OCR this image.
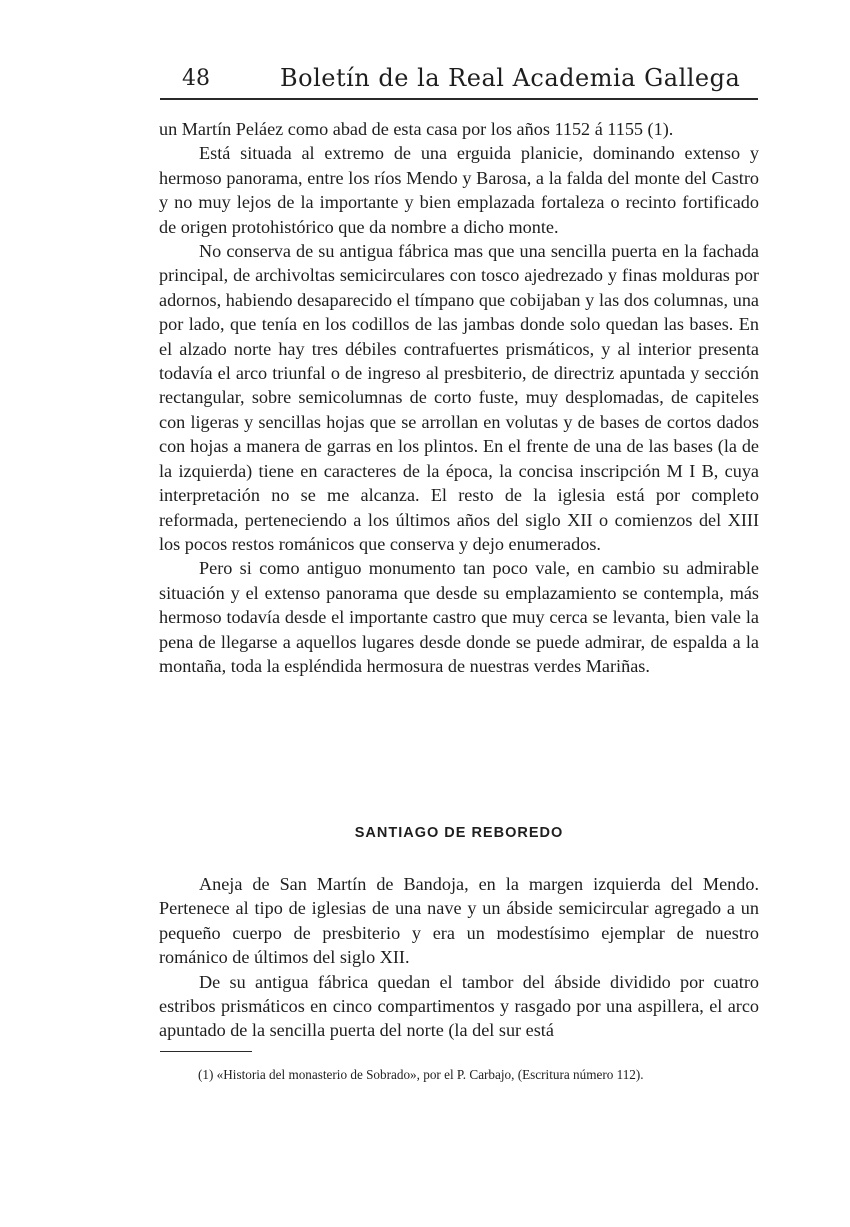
48	Boletín de la Real Academia Gallega

un Martín Peláez como abad de esta casa por los años 1152 á 1155 (1).

Está situada al extremo de una erguida planicie, dominando extenso y hermoso panorama, entre los ríos Mendo y Barosa, a la falda del monte del Castro y no muy lejos de la importante y bien emplazada fortaleza o recinto fortificado de origen protohistórico que da nombre a dicho monte.

No conserva de su antigua fábrica mas que una sencilla puerta en la fachada principal, de archivoltas semicirculares con tosco ajedrezado y finas molduras por adornos, habiendo desaparecido el tímpano que cobijaban y las dos columnas, una por lado, que tenía en los codillos de las jambas donde solo quedan las bases. En el alzado norte hay tres débiles contrafuertes prismáticos, y al interior presenta todavía el arco triunfal o de ingreso al presbiterio, de directriz apuntada y sección rectangular, sobre semicolumnas de corto fuste, muy desplomadas, de capiteles con ligeras y sencillas hojas que se arrollan en volutas y de bases de cortos dados con hojas a manera de garras en los plintos. En el frente de una de las bases (la de la izquierda) tiene en caracteres de la época, la concisa inscripción M I B, cuya interpretación no se me alcanza. El resto de la iglesia está por completo reformada, perteneciendo a los últimos años del siglo XII o comienzos del XIII los pocos restos románicos que conserva y dejo enumerados.

Pero si como antiguo monumento tan poco vale, en cambio su admirable situación y el extenso panorama que desde su emplazamiento se contempla, más hermoso todavía desde el importante castro que muy cerca se levanta, bien vale la pena de llegarse a aquellos lugares desde donde se puede admirar, de espalda a la montaña, toda la espléndida hermosura de nuestras verdes Mariñas.

SANTIAGO DE REBOREDO

Aneja de San Martín de Bandoja, en la margen izquierda del Mendo. Pertenece al tipo de iglesias de una nave y un ábside semicircular agregado a un pequeño cuerpo de presbiterio y era un modestísimo ejemplar de nuestro románico de últimos del siglo XII.

De su antigua fábrica quedan el tambor del ábside dividido por cuatro estribos prismáticos en cinco compartimentos y rasgado por una aspillera, el arco apuntado de la sencilla puerta del norte (la del sur está

(1) «Historia del monasterio de Sobrado», por el P. Carbajo, (Escritura número 112).
